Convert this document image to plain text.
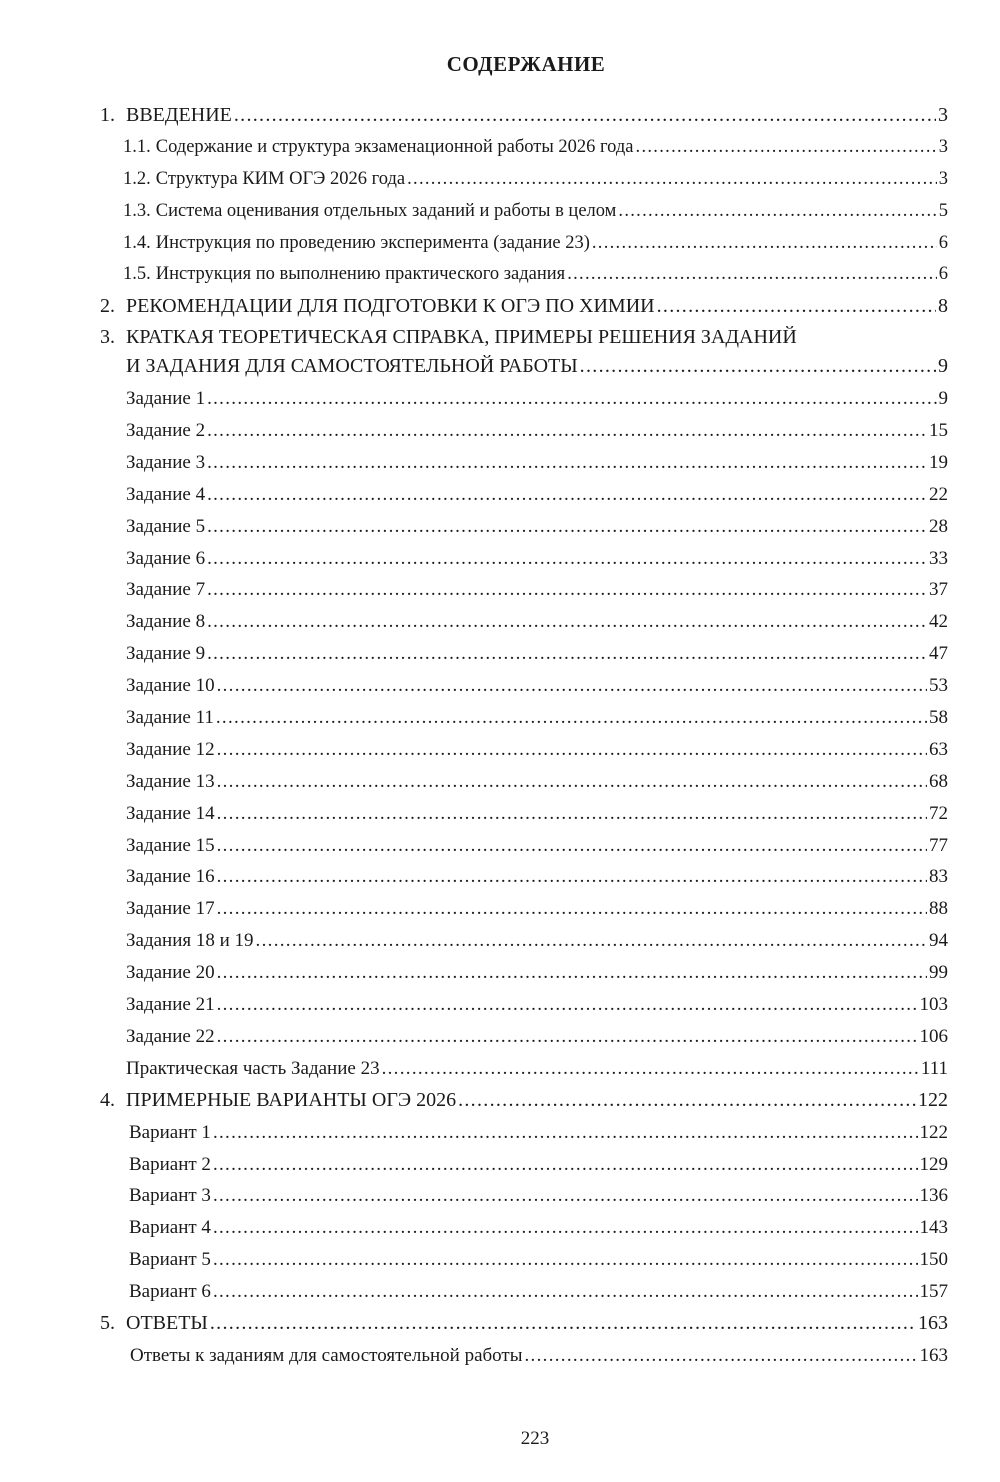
СОДЕРЖАНИЕ
1. ВВЕДЕНИЕ .....	3
1.1. Содержание и структура экзаменационной работы 2026 года .....	3
1.2. Структура КИМ ОГЭ 2026 года .....	3
1.3. Система оценивания отдельных заданий и работы в целом .....	5
1.4. Инструкция по проведению эксперимента (задание 23) .....	6
1.5. Инструкция по выполнению практического задания .....	6
2. РЕКОМЕНДАЦИИ ДЛЯ ПОДГОТОВКИ К ОГЭ ПО ХИМИИ .....	8
3. КРАТКАЯ ТЕОРЕТИЧЕСКАЯ СПРАВКА, ПРИМЕРЫ РЕШЕНИЯ ЗАДАНИЙ
И ЗАДАНИЯ ДЛЯ САМОСТОЯТЕЛЬНОЙ РАБОТЫ .....	9
Задание 1 .....	9
Задание 2 .....	15
Задание 3 .....	19
Задание 4 .....	22
Задание 5 .....	28
Задание 6 .....	33
Задание 7 .....	37
Задание 8 .....	42
Задание 9 .....	47
Задание 10 .....	53
Задание 11 .....	58
Задание 12 .....	63
Задание 13 .....	68
Задание 14 .....	72
Задание 15 .....	77
Задание 16 .....	83
Задание 17 .....	88
Задания 18 и 19 .....	94
Задание 20 .....	99
Задание 21 .....	103
Задание 22 .....	106
Практическая часть Задание 23 .....	111
4. ПРИМЕРНЫЕ ВАРИАНТЫ ОГЭ 2026 .....	122
Вариант 1 .....	122
Вариант 2 .....	129
Вариант 3 .....	136
Вариант 4 .....	143
Вариант 5 .....	150
Вариант 6 .....	157
5. ОТВЕТЫ .....	163
Ответы к заданиям для самостоятельной работы .....	163
223
